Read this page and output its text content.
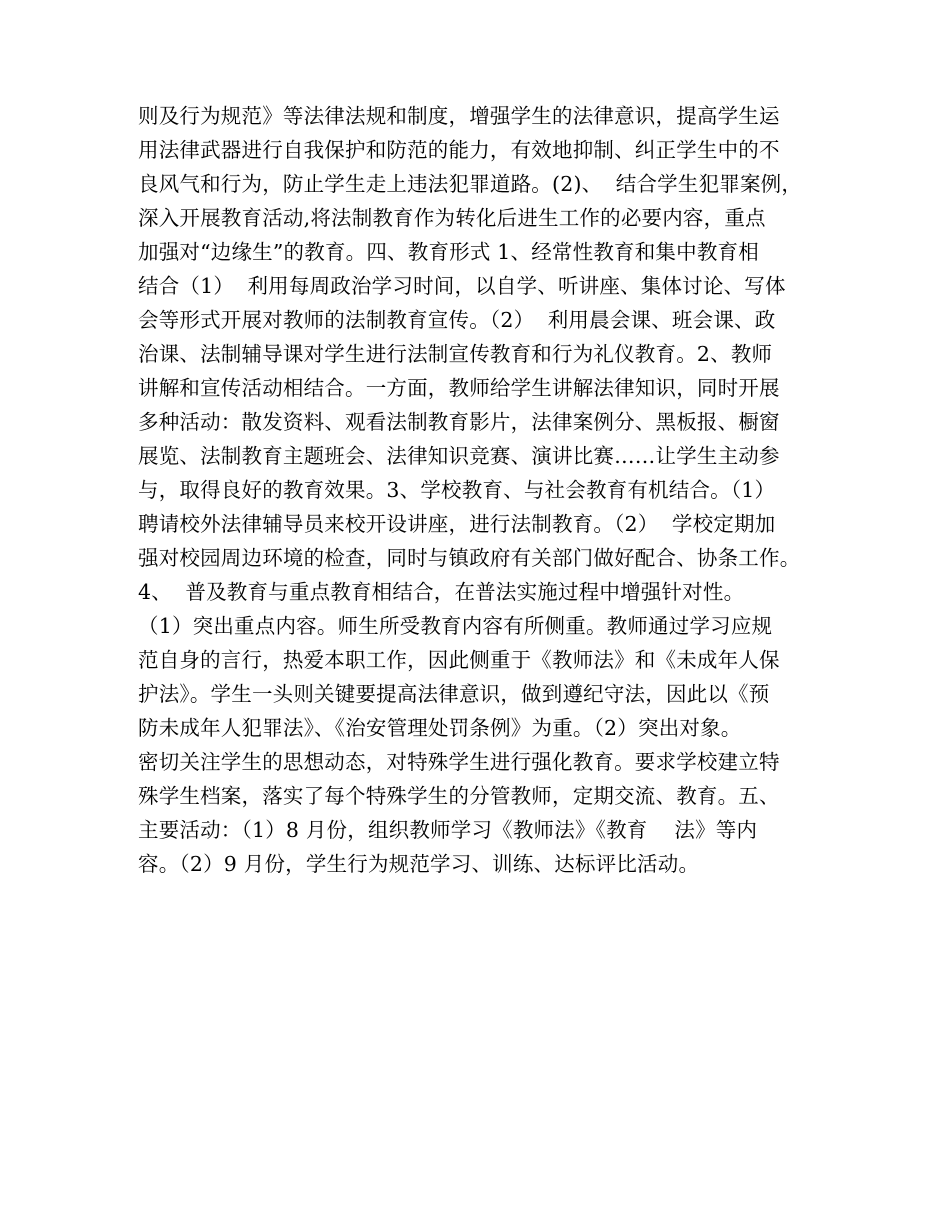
则及行为规范》等法律法规和制度，增强学生的法律意识，提高学生运
用法律武器进行自我保护和防范的能力，有效地抑制、纠正学生中的不
良风气和行为，防止学生走上违法犯罪道路。(2)、  结合学生犯罪案例，
深入开展教育活动,将法制教育作为转化后进生工作的必要内容，重点
加强对“边缘生”的教育。四、教育形式 1、经常性教育和集中教育相
结合（1）  利用每周政治学习时间，以自学、听讲座、集体讨论、写体
会等形式开展对教师的法制教育宣传。（2）  利用晨会课、班会课、政
治课、法制辅导课对学生进行法制宣传教育和行为礼仪教育。2、教师
讲解和宣传活动相结合。一方面，教师给学生讲解法律知识，同时开展
多种活动：散发资料、观看法制教育影片，法律案例分、黑板报、橱窗
展览、法制教育主题班会、法律知识竞赛、演讲比赛……让学生主动参
与，取得良好的教育效果。3、学校教育、与社会教育有机结合。（1）
聘请校外法律辅导员来校开设讲座，进行法制教育。（2）  学校定期加
强对校园周边环境的检查，同时与镇政府有关部门做好配合、协条工作。
4、  普及教育与重点教育相结合，在普法实施过程中增强针对性。
（1）突出重点内容。师生所受教育内容有所侧重。教师通过学习应规
范自身的言行，热爱本职工作，因此侧重于《教师法》和《未成年人保
护法》。学生一头则关键要提高法律意识，做到遵纪守法，因此以《预
防未成年人犯罪法》、《治安管理处罚条例》为重。（2）突出对象。
密切关注学生的思想动态，对特殊学生进行强化教育。要求学校建立特
殊学生档案，落实了每个特殊学生的分管教师，定期交流、教育。五、
主要活动：（1）8 月份，组织教师学习《教师法》《教育    法》等内
容。（2）9 月份，学生行为规范学习、训练、达标评比活动。
